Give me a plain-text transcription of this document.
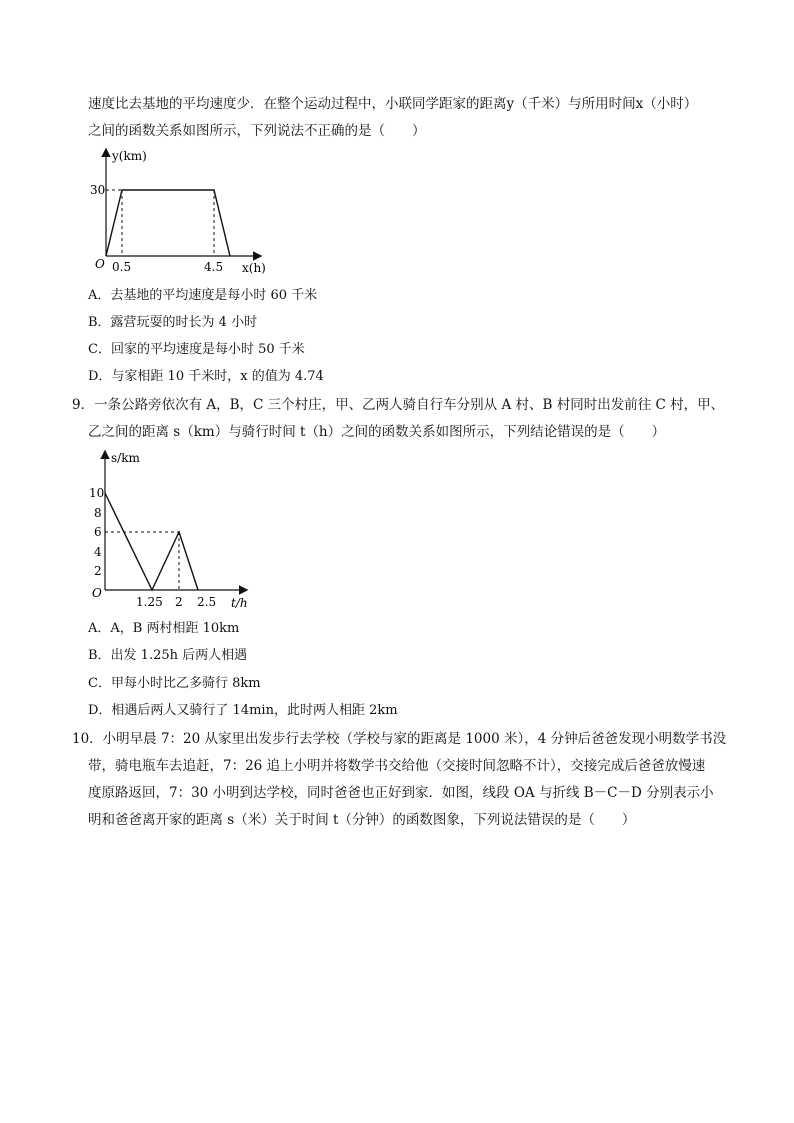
速度比去基地的平均速度少．在整个运动过程中，小联同学距家的距离y（千米）与所用时间x（小时）
之间的函数关系如图所示，下列说法不正确的是（　　）
y(km)
30
O 0.5	4.5 x(h)
A．去基地的平均速度是每小时 60 千米
B．露营玩耍的时长为 4 小时
C．回家的平均速度是每小时 50 千米
D．与家相距 10 千米时，x 的值为 4.74
9．一条公路旁依次有 A，B，C 三个村庄，甲、乙两人骑自行车分别从 A 村、B 村同时出发前往 C 村，甲、
乙之间的距离 s（km）与骑行时间 t（h）之间的函数关系如图所示，下列结论错误的是（　　）
s/km
10
8
6
4
2
O
1.25 2 2.5 t/h
A．A，B 两村相距 10km
B．出发 1.25h 后两人相遇
C．甲每小时比乙多骑行 8km
D．相遇后两人又骑行了 14min，此时两人相距 2km
10．小明早晨 7：20 从家里出发步行去学校（学校与家的距离是 1000 米），4 分钟后爸爸发现小明数学书没
带，骑电瓶车去追赶，7：26 追上小明并将数学书交给他（交接时间忽略不计），交接完成后爸爸放慢速
度原路返回，7：30 小明到达学校，同时爸爸也正好到家．如图，线段 OA 与折线 B－C－D 分别表示小
明和爸爸离开家的距离 s（米）关于时间 t（分钟）的函数图象，下列说法错误的是（　　）
